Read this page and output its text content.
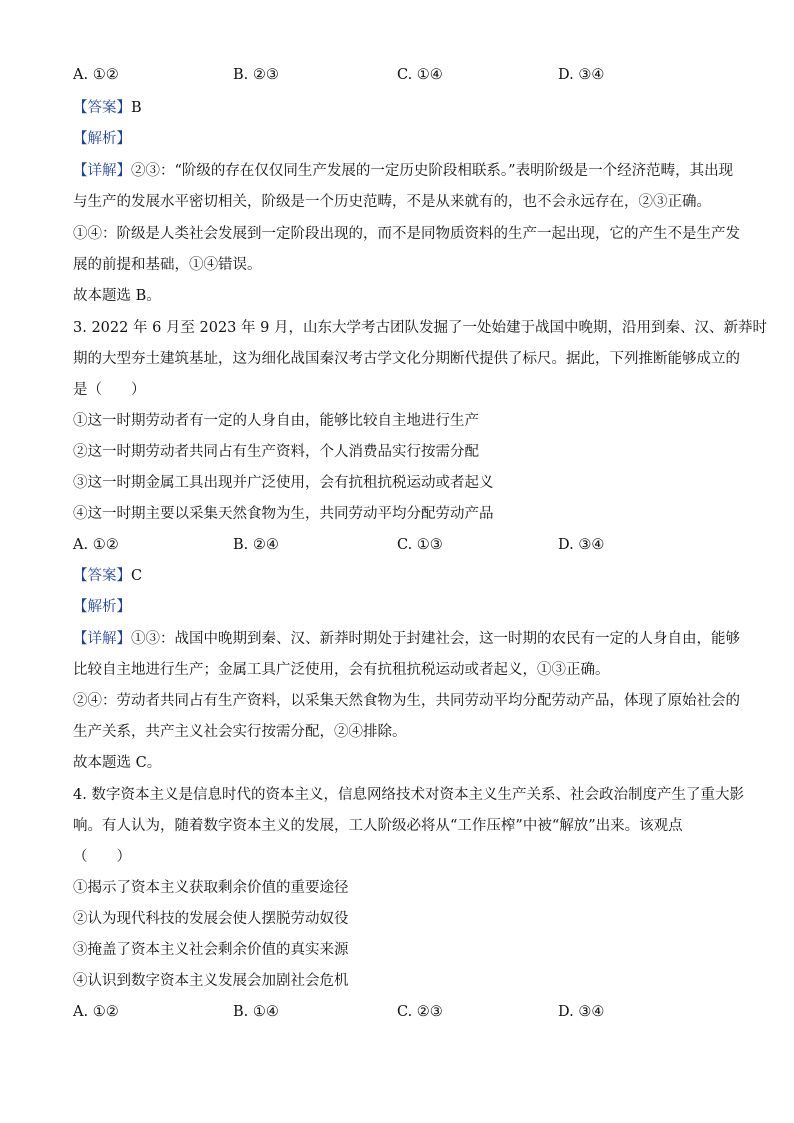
A. ①②	B. ②③	C. ①④	D. ③④
【答案】B
【解析】
【详解】②③：“阶级的存在仅仅同生产发展的一定历史阶段相联系。”表明阶级是一个经济范畴，其出现
与生产的发展水平密切相关，阶级是一个历史范畴，不是从来就有的，也不会永远存在，②③正确。
①④：阶级是人类社会发展到一定阶段出现的，而不是同物质资料的生产一起出现，它的产生不是生产发
展的前提和基础，①④错误。
故本题选 B。
3. 2022 年 6 月至 2023 年 9 月，山东大学考古团队发掘了一处始建于战国中晚期，沿用到秦、汉、新莽时
期的大型夯土建筑基址，这为细化战国秦汉考古学文化分期断代提供了标尺。据此，下列推断能够成立的
是（　　）
①这一时期劳动者有一定的人身自由，能够比较自主地进行生产
②这一时期劳动者共同占有生产资料，个人消费品实行按需分配
③这一时期金属工具出现并广泛使用，会有抗租抗税运动或者起义
④这一时期主要以采集天然食物为生，共同劳动平均分配劳动产品
A. ①②	B. ②④	C. ①③	D. ③④
【答案】C
【解析】
【详解】①③：战国中晚期到秦、汉、新莽时期处于封建社会，这一时期的农民有一定的人身自由，能够
比较自主地进行生产；金属工具广泛使用，会有抗租抗税运动或者起义，①③正确。
②④：劳动者共同占有生产资料，以采集天然食物为生，共同劳动平均分配劳动产品，体现了原始社会的
生产关系，共产主义社会实行按需分配，②④排除。
故本题选 C。
4. 数字资本主义是信息时代的资本主义，信息网络技术对资本主义生产关系、社会政治制度产生了重大影
响。有人认为，随着数字资本主义的发展，工人阶级必将从“工作压榨”中被“解放”出来。该观点
（　　）
①揭示了资本主义获取剩余价值的重要途径
②认为现代科技的发展会使人摆脱劳动奴役
③掩盖了资本主义社会剩余价值的真实来源
④认识到数字资本主义发展会加剧社会危机
A. ①②	B. ①④	C. ②③	D. ③④
